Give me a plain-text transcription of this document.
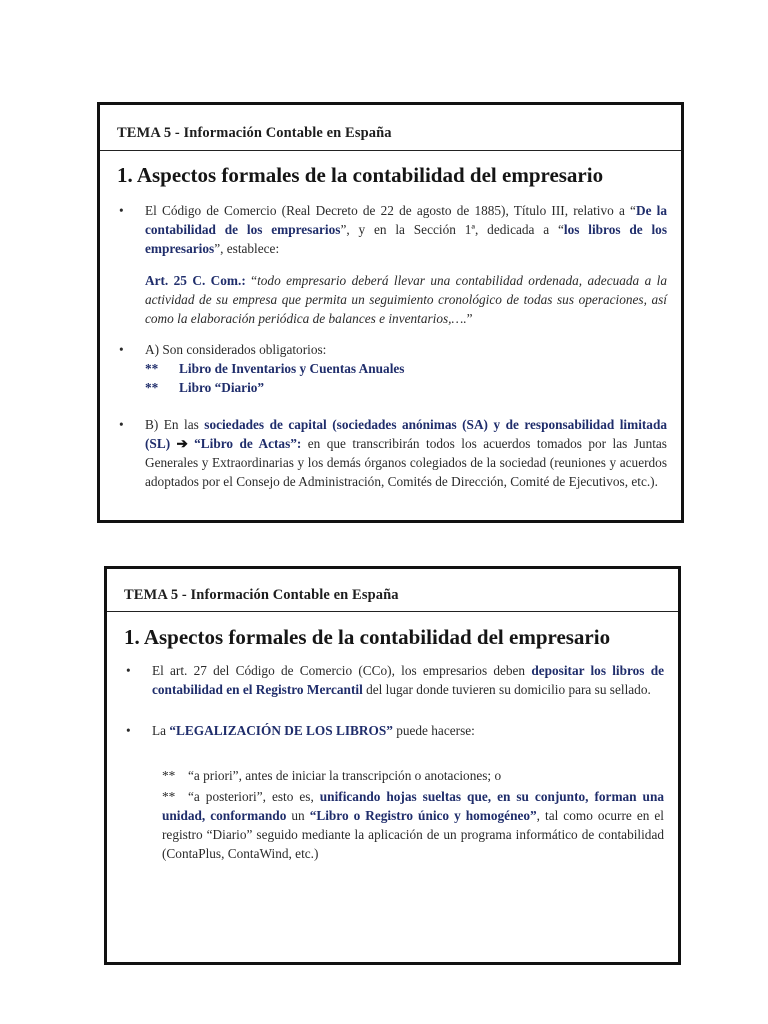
TEMA 5 - Información Contable en España
1. Aspectos formales de la contabilidad del empresario
• El Código de Comercio (Real Decreto de 22 de agosto de 1885), Título III, relativo a “De la contabilidad de los empresarios”, y en la Sección 1ª, dedicada a “los libros de los empresarios”, establece:
Art. 25 C. Com.: “todo empresario deberá llevar una contabilidad ordenada, adecuada a la actividad de su empresa que permita un seguimiento cronológico de todas sus operaciones, así como la elaboración periódica de balances e inventarios,….”
• A) Son considerados obligatorios:
** Libro de Inventarios y Cuentas Anuales
** Libro “Diario”
• B) En las sociedades de capital (sociedades anónimas (SA) y de responsabilidad limitada (SL) ➔ “Libro de Actas”: en que transcribirán todos los acuerdos tomados por las Juntas Generales y Extraordinarias y los demás órganos colegiados de la sociedad (reuniones y acuerdos adoptados por el Consejo de Administración, Comités de Dirección, Comité de Ejecutivos, etc.).
TEMA 5 - Información Contable en España
1. Aspectos formales de la contabilidad del empresario
• El art. 27 del Código de Comercio (CCo), los empresarios deben depositar los libros de contabilidad en el Registro Mercantil del lugar donde tuvieren su domicilio para su sellado.
• La “LEGALIZACIÓN DE LOS LIBROS” puede hacerse:
** “a priori”, antes de iniciar la transcripción o anotaciones; o
** “a posteriori”, esto es, unificando hojas sueltas que, en su conjunto, forman una unidad, conformando un “Libro o Registro único y homogéneo”, tal como ocurre en el registro “Diario” seguido mediante la aplicación de un programa informático de contabilidad (ContaPlus, ContaWind, etc.)
